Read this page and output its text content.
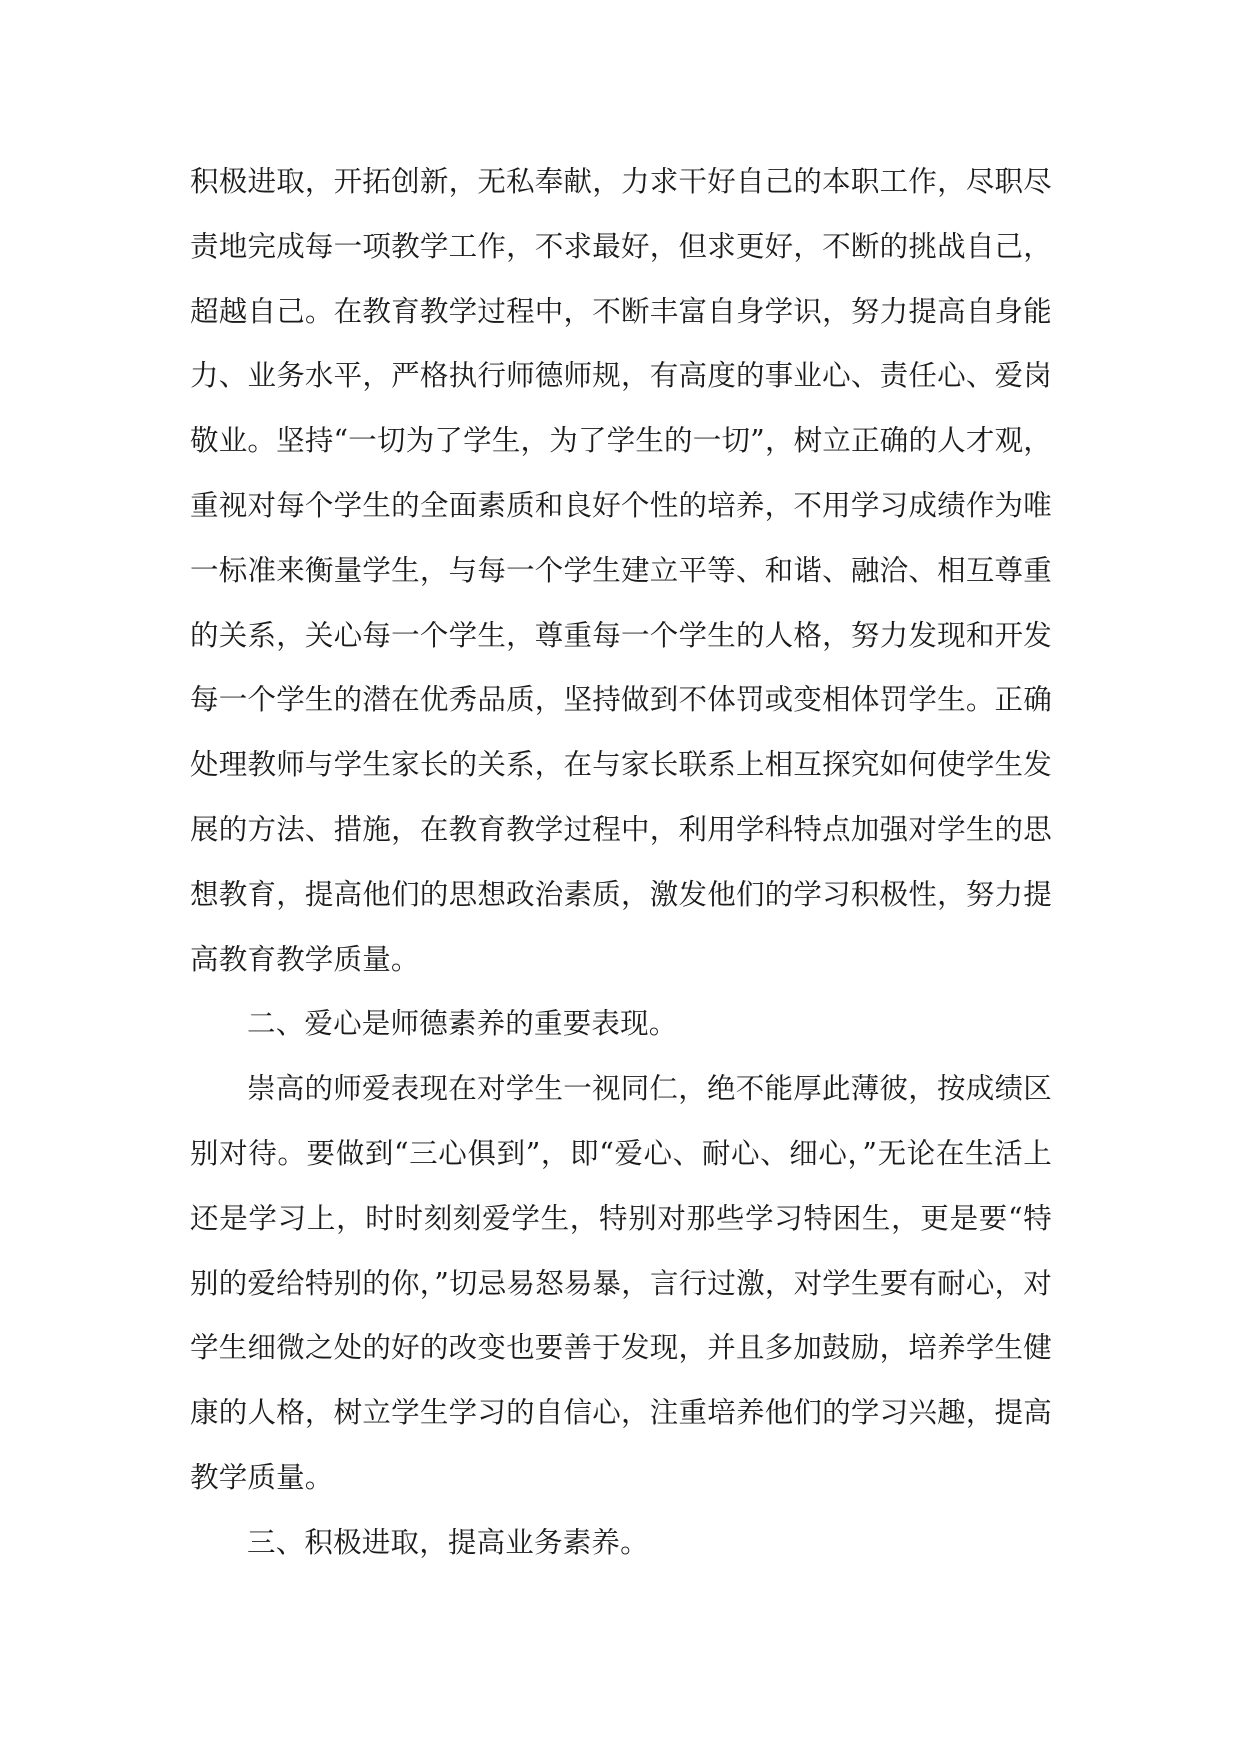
积极进取，开拓创新，无私奉献，力求干好自己的本职工作，尽职尽责地完成每一项教学工作，不求最好，但求更好，不断的挑战自己，超越自己。在教育教学过程中，不断丰富自身学识，努力提高自身能力、业务水平，严格执行师德师规，有高度的事业心、责任心、爱岗敬业。坚持“一切为了学生，为了学生的一切”，树立正确的人才观，重视对每个学生的全面素质和良好个性的培养，不用学习成绩作为唯一标准来衡量学生，与每一个学生建立平等、和谐、融洽、相互尊重的关系，关心每一个学生，尊重每一个学生的人格，努力发现和开发每一个学生的潜在优秀品质，坚持做到不体罚或变相体罚学生。正确处理教师与学生家长的关系，在与家长联系上相互探究如何使学生发展的方法、措施，在教育教学过程中，利用学科特点加强对学生的思想教育，提高他们的思想政治素质，激发他们的学习积极性，努力提高教育教学质量。

二、爱心是师德素养的重要表现。

崇高的师爱表现在对学生一视同仁，绝不能厚此薄彼，按成绩区别对待。要做到“三心俱到”，即“爱心、耐心、细心，”无论在生活上还是学习上，时时刻刻爱学生，特别对那些学习特困生，更是要“特别的爱给特别的你，”切忌易怒易暴，言行过激，对学生要有耐心，对学生细微之处的好的改变也要善于发现，并且多加鼓励，培养学生健康的人格，树立学生学习的自信心，注重培养他们的学习兴趣，提高教学质量。

三、积极进取，提高业务素养。
